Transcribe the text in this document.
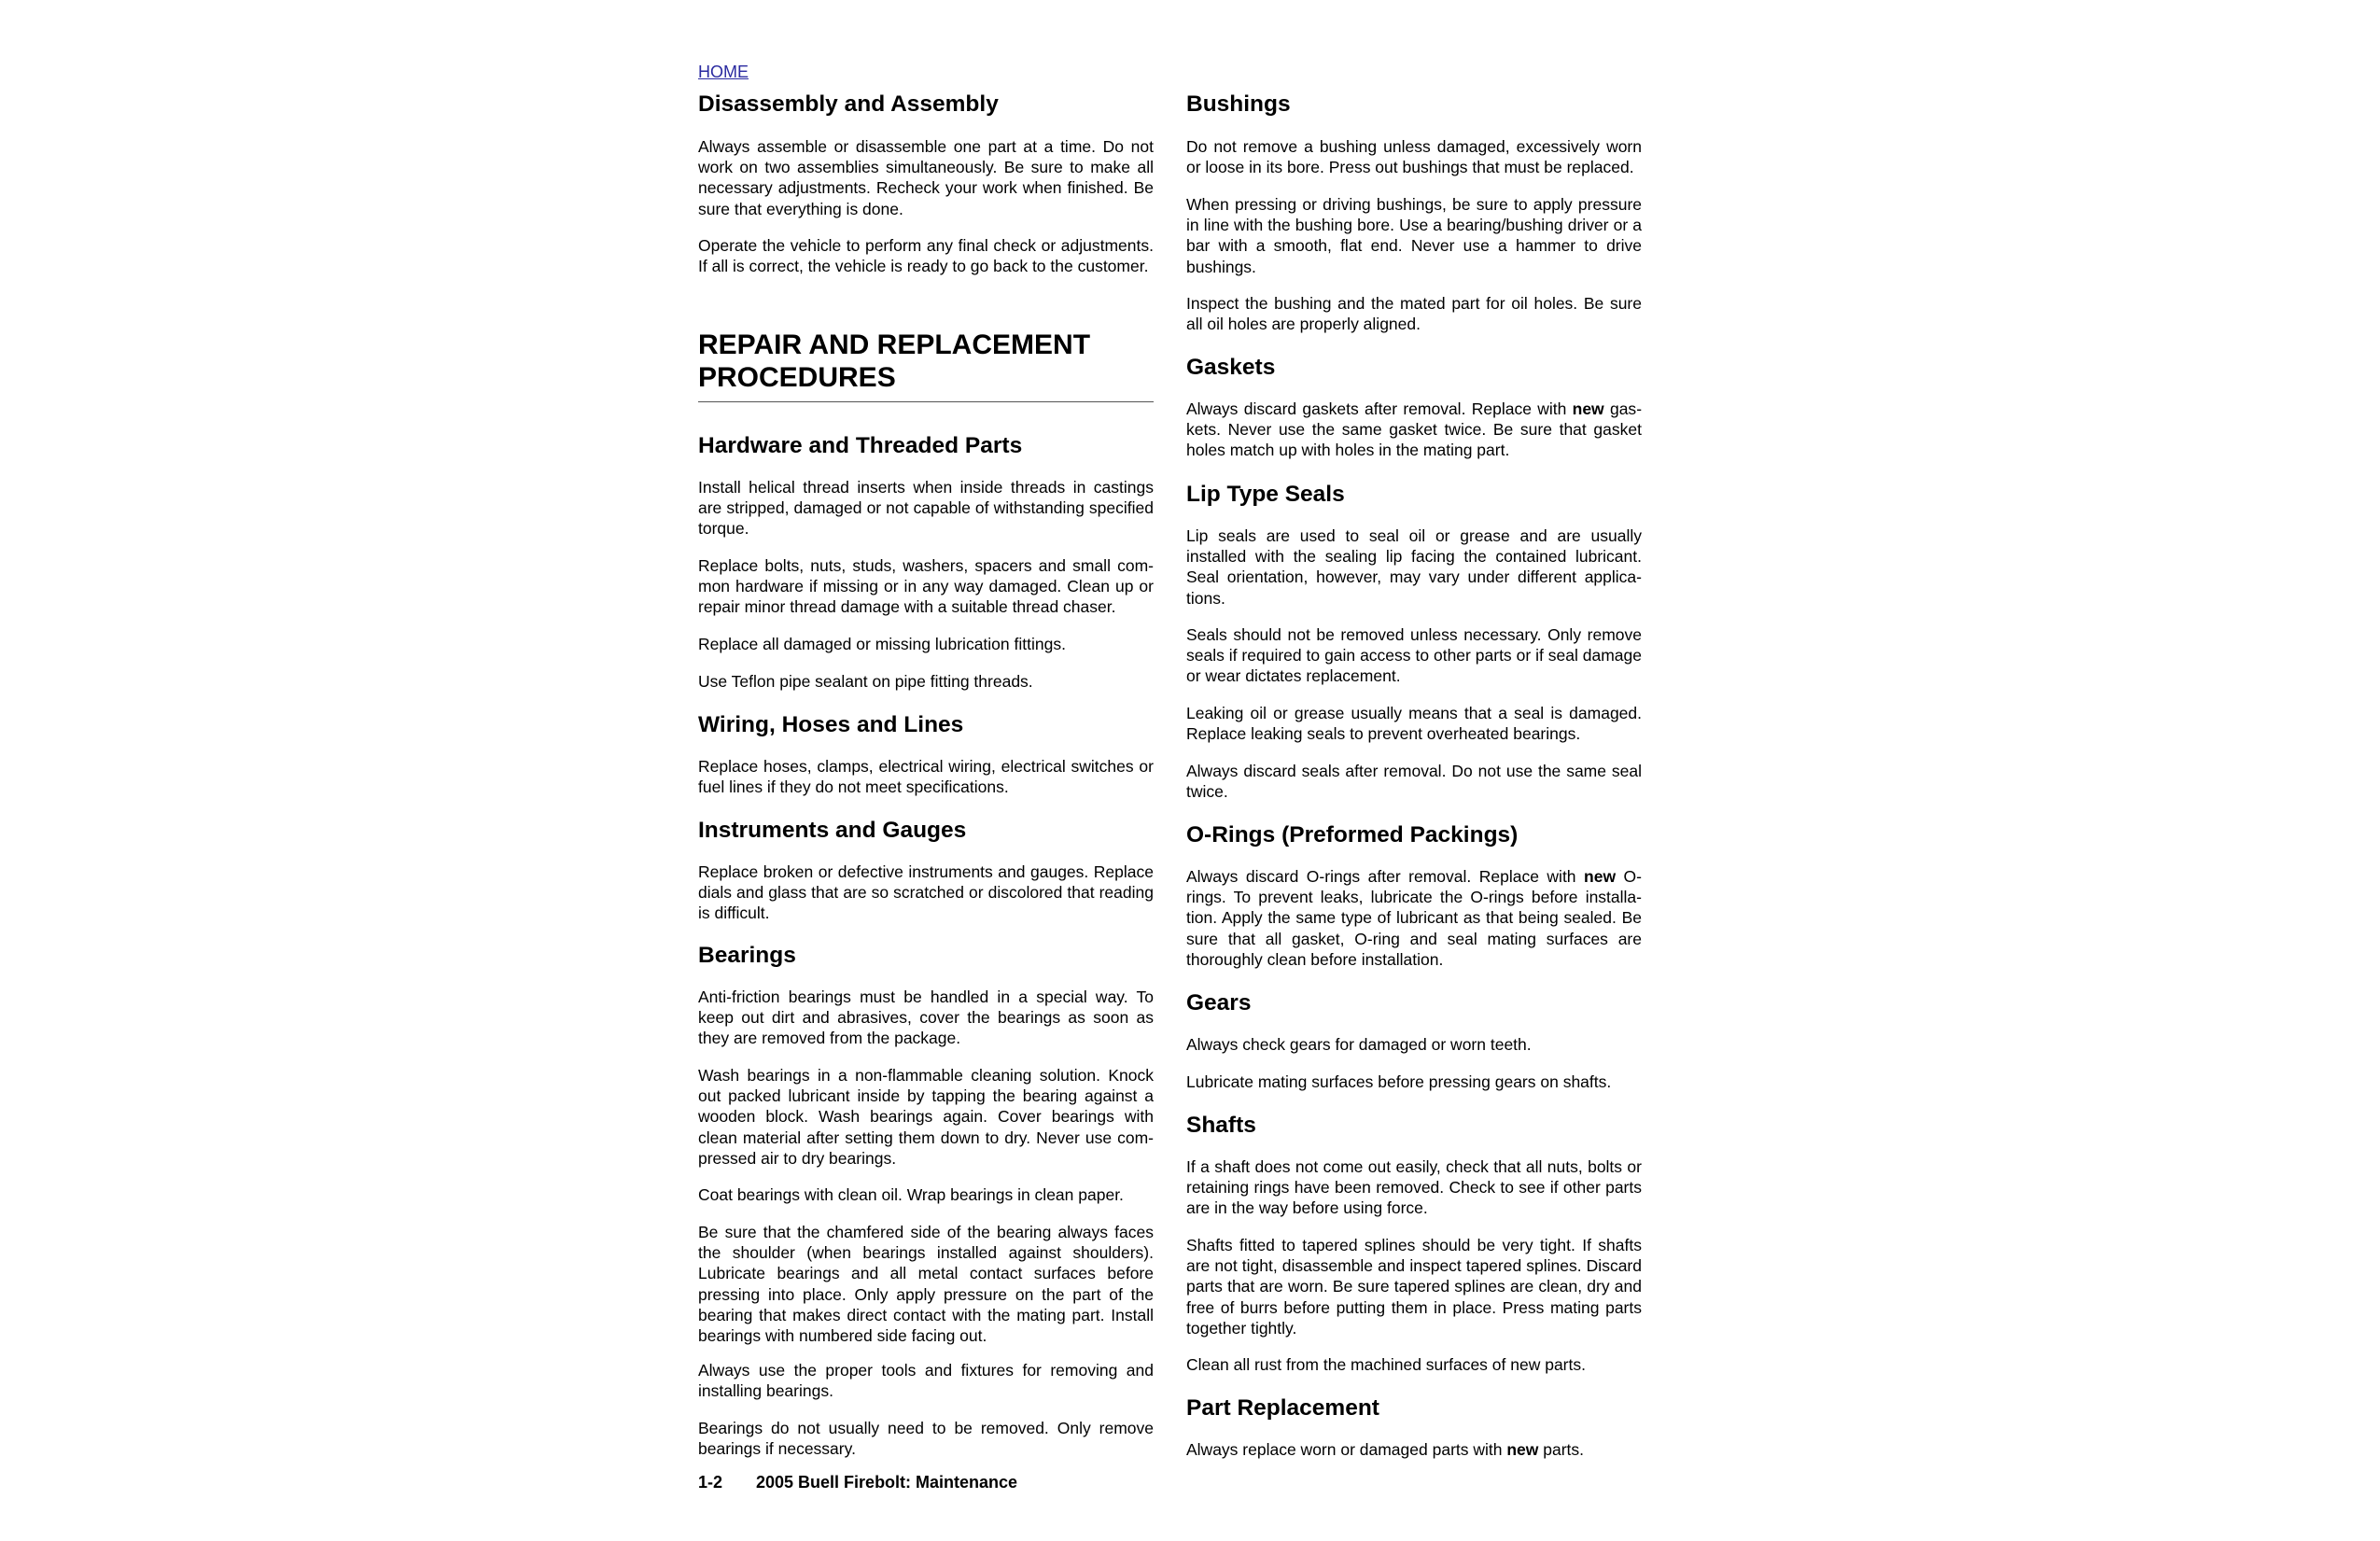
HOME
Disassembly and Assembly

Always assemble or disassemble one part at a time. Do not work on two assemblies simultaneously. Be sure to make all necessary adjustments. Recheck your work when finished. Be sure that everything is done.

Operate the vehicle to perform any final check or adjustments. If all is correct, the vehicle is ready to go back to the customer.

REPAIR AND REPLACEMENT
PROCEDURES
Hardware and Threaded Parts

Install helical thread inserts when inside threads in castings are stripped, damaged or not capable of withstanding specified torque.

Replace bolts, nuts, studs, washers, spacers and small common hardware if missing or in any way damaged. Clean up or repair minor thread damage with a suitable thread chaser.

Replace all damaged or missing lubrication fittings.

Use Teflon pipe sealant on pipe fitting threads.

Wiring, Hoses and Lines

Replace hoses, clamps, electrical wiring, electrical switches or fuel lines if they do not meet specifications.

Instruments and Gauges

Replace broken or defective instruments and gauges. Replace dials and glass that are so scratched or discolored that reading is difficult.

Bearings

Anti-friction bearings must be handled in a special way. To keep out dirt and abrasives, cover the bearings as soon as they are removed from the package.

Wash bearings in a non-flammable cleaning solution. Knock out packed lubricant inside by tapping the bearing against a wooden block. Wash bearings again. Cover bearings with clean material after setting them down to dry. Never use compressed air to dry bearings.

Coat bearings with clean oil. Wrap bearings in clean paper.

Be sure that the chamfered side of the bearing always faces the shoulder (when bearings installed against shoulders). Lubricate bearings and all metal contact surfaces before pressing into place. Only apply pressure on the part of the bearing that makes direct contact with the mating part. Install bearings with numbered side facing out.

Always use the proper tools and fixtures for removing and installing bearings.

Bearings do not usually need to be removed. Only remove bearings if necessary.

Bushings

Do not remove a bushing unless damaged, excessively worn or loose in its bore. Press out bushings that must be replaced.

When pressing or driving bushings, be sure to apply pressure in line with the bushing bore. Use a bearing/bushing driver or a bar with a smooth, flat end. Never use a hammer to drive bushings.

Inspect the bushing and the mated part for oil holes. Be sure all oil holes are properly aligned.

Gaskets

Always discard gaskets after removal. Replace with new gaskets. Never use the same gasket twice. Be sure that gasket holes match up with holes in the mating part.

Lip Type Seals

Lip seals are used to seal oil or grease and are usually installed with the sealing lip facing the contained lubricant. Seal orientation, however, may vary under different applications.

Seals should not be removed unless necessary. Only remove seals if required to gain access to other parts or if seal damage or wear dictates replacement.

Leaking oil or grease usually means that a seal is damaged. Replace leaking seals to prevent overheated bearings.

Always discard seals after removal. Do not use the same seal twice.

O-Rings (Preformed Packings)

Always discard O-rings after removal. Replace with new O-rings. To prevent leaks, lubricate the O-rings before installation. Apply the same type of lubricant as that being sealed. Be sure that all gasket, O-ring and seal mating surfaces are thoroughly clean before installation.

Gears

Always check gears for damaged or worn teeth.

Lubricate mating surfaces before pressing gears on shafts.

Shafts

If a shaft does not come out easily, check that all nuts, bolts or retaining rings have been removed. Check to see if other parts are in the way before using force.

Shafts fitted to tapered splines should be very tight. If shafts are not tight, disassemble and inspect tapered splines. Discard parts that are worn. Be sure tapered splines are clean, dry and free of burrs before putting them in place. Press mating parts together tightly.

Clean all rust from the machined surfaces of new parts.

Part Replacement

Always replace worn or damaged parts with new parts.

1-2 2005 Buell Firebolt: Maintenance
